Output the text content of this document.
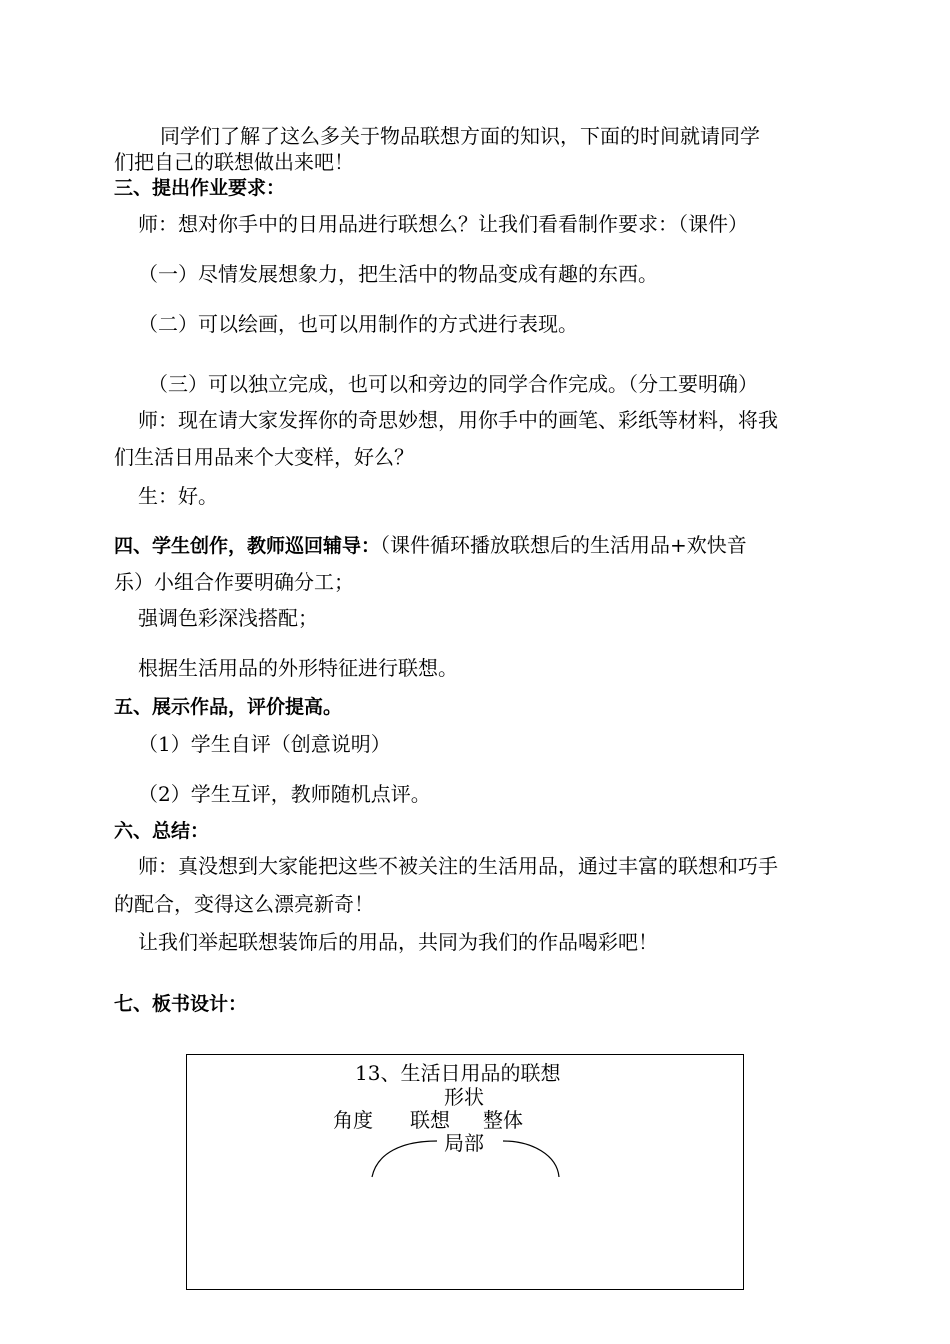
同学们了解了这么多关于物品联想方面的知识，下面的时间就请同学
们把自己的联想做出来吧！
三、提出作业要求：
师：想对你手中的日用品进行联想么？让我们看看制作要求：（课件）
（一）尽情发展想象力，把生活中的物品变成有趣的东西。
（二）可以绘画，也可以用制作的方式进行表现。
（三）可以独立完成，也可以和旁边的同学合作完成。（分工要明确）
师：现在请大家发挥你的奇思妙想，用你手中的画笔、彩纸等材料，将我
们生活日用品来个大变样，好么？
生：好。
四、学生创作，教师巡回辅导：（课件循环播放联想后的生活用品+欢快音
乐）小组合作要明确分工；
强调色彩深浅搭配；
根据生活用品的外形特征进行联想。
五、展示作品，评价提高。
（1）学生自评（创意说明）
（2）学生互评，教师随机点评。
六、总结：
师：真没想到大家能把这些不被关注的生活用品，通过丰富的联想和巧手
的配合，变得这么漂亮新奇！
让我们举起联想装饰后的用品，共同为我们的作品喝彩吧！
七、板书设计：
13、生活日用品的联想
形状
角度 联想 整体
局部
